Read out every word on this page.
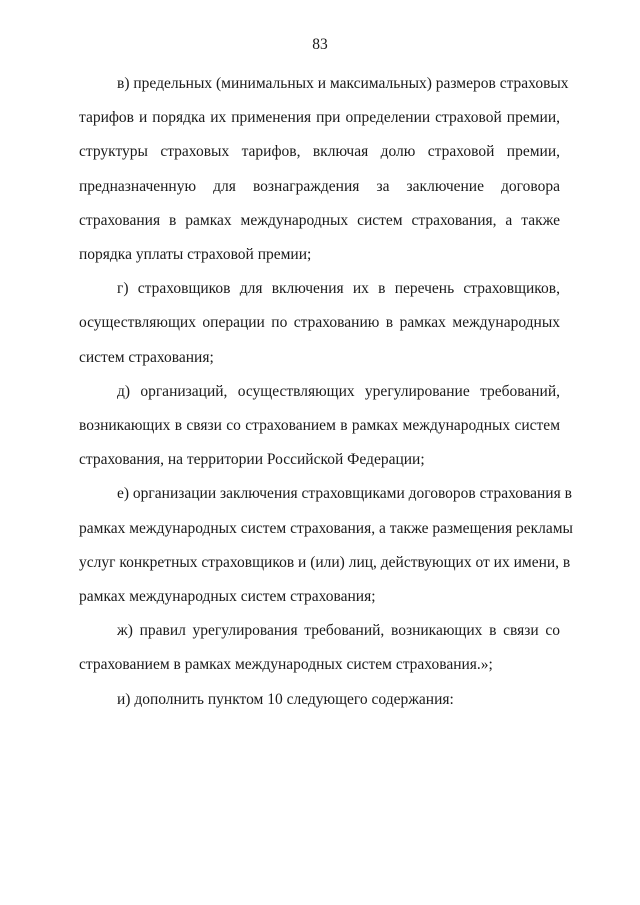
83
в) предельных (минимальных и максимальных) размеров страховых
тарифов и порядка их применения при определении страховой премии,
структуры страховых тарифов, включая долю страховой премии,
предназначенную для вознаграждения за заключение договора
страхования в рамках международных систем страхования, а также
порядка уплаты страховой премии;
г) страховщиков для включения их в перечень страховщиков,
осуществляющих операции по страхованию в рамках международных
систем страхования;
д) организаций, осуществляющих урегулирование требований,
возникающих в связи со страхованием в рамках международных систем
страхования, на территории Российской Федерации;
е) организации заключения страховщиками договоров страхования в
рамках международных систем страхования, а также размещения рекламы
услуг конкретных страховщиков и (или) лиц, действующих от их имени, в
рамках международных систем страхования;
ж) правил урегулирования требований, возникающих в связи со
страхованием в рамках международных систем страхования.»;
и) дополнить пунктом 10 следующего содержания:
